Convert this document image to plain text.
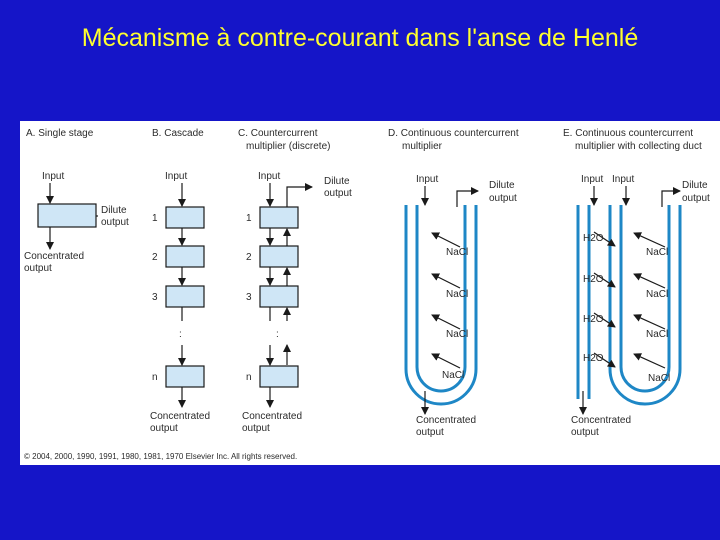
Mécanisme à contre-courant dans l'anse de Henlé
A. Single stage
Input
Dilute
output
Concentrated
output
B. Cascade
Input
1
2
3
n
:
Concentrated
output
C. Countercurrent
multiplier (discrete)
Input	Dilute
output
1
2
3
n
:
Concentrated
output
D. Continuous countercurrent
multiplier
Input
Dilute
output
NaCl
NaCl
NaCl
NaCl
Concentrated
output
E. Continuous countercurrent
multiplier with collecting duct
Input Input
Dilute
output
H2O
H2O
H2O
H2O
NaCl
NaCl
NaCl
NaCl
Concentrated
output
© 2004, 2000, 1990, 1991, 1980, 1981, 1970 Elsevier Inc. All rights reserved.
